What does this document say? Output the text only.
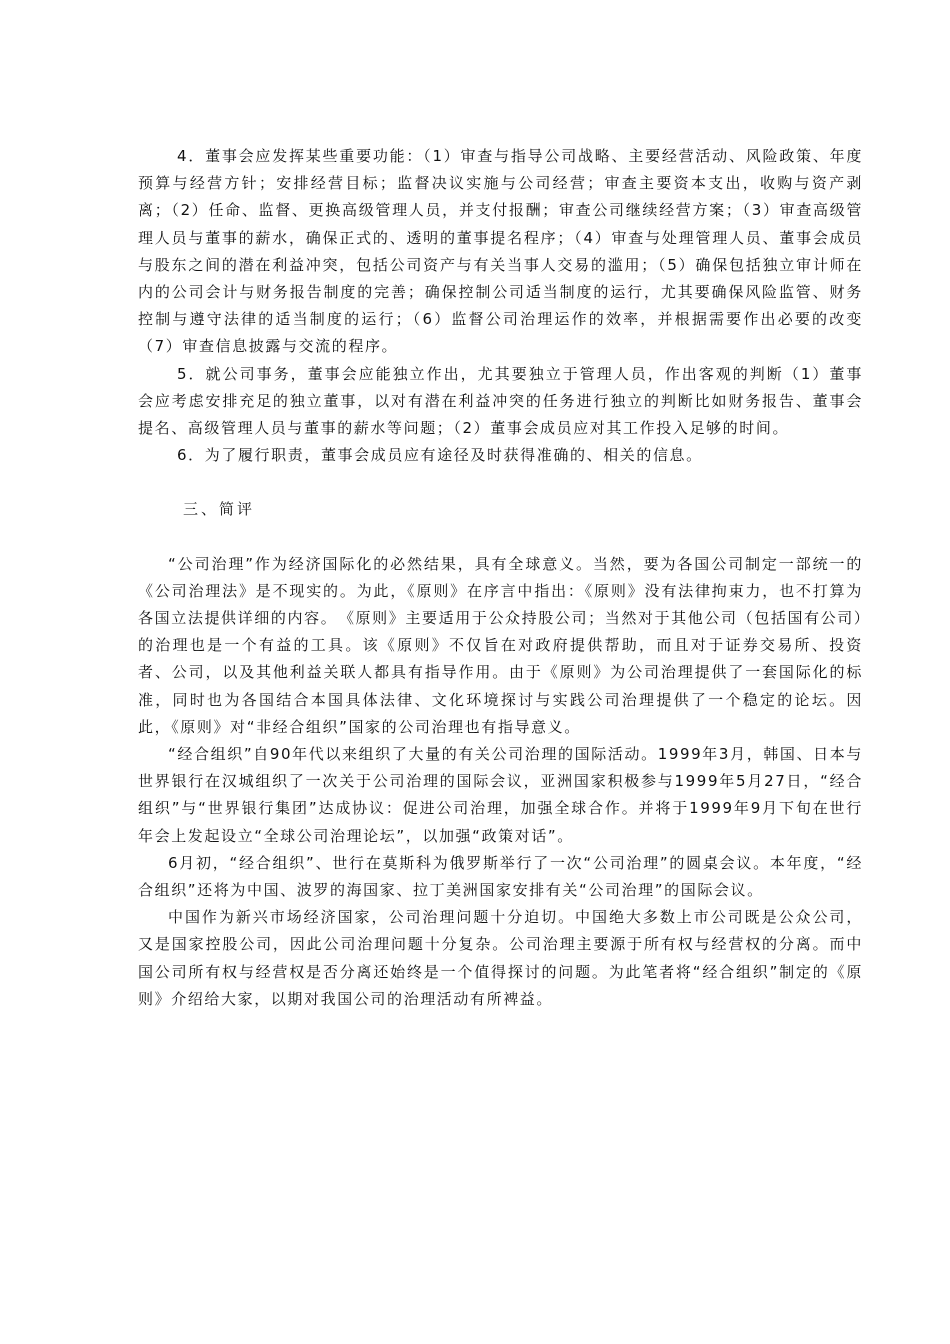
4．董事会应发挥某些重要功能：（1）审查与指导公司战略、主要经营活动、风险政策、年度预算与经营方针；安排经营目标；监督决议实施与公司经营；审查主要资本支出，收购与资产剥离；（2）任命、监督、更换高级管理人员，并支付报酬；审查公司继续经营方案；（3）审查高级管理人员与董事的薪水，确保正式的、透明的董事提名程序；（4）审查与处理管理人员、董事会成员与股东之间的潜在利益冲突，包括公司资产与有关当事人交易的滥用；（5）确保包括独立审计师在内的公司会计与财务报告制度的完善；确保控制公司适当制度的运行，尤其要确保风险监管、财务控制与遵守法律的适当制度的运行；（6）监督公司治理运作的效率，并根据需要作出必要的改变（7）审查信息披露与交流的程序。

5．就公司事务，董事会应能独立作出，尤其要独立于管理人员，作出客观的判断（1）董事会应考虑安排充足的独立董事，以对有潜在利益冲突的任务进行独立的判断比如财务报告、董事会提名、高级管理人员与董事的薪水等问题；（2）董事会成员应对其工作投入足够的时间。

6．为了履行职责，董事会成员应有途径及时获得准确的、相关的信息。

三、简评

“公司治理”作为经济国际化的必然结果，具有全球意义。当然，要为各国公司制定一部统一的《公司治理法》是不现实的。为此，《原则》在序言中指出：《原则》没有法律拘束力，也不打算为各国立法提供详细的内容。　《原则》主要适用于公众持股公司；当然对于其他公司（包括国有公司）的治理也是一个有益的工具。该《原则》不仅旨在对政府提供帮助，而且对于证券交易所、投资者、公司，以及其他利益关联人都具有指导作用。由于《原则》为公司治理提供了一套国际化的标准，同时也为各国结合本国具体法律、文化环境探讨与实践公司治理提供了一个稳定的论坛。因此，《原则》对“非经合组织”国家的公司治理也有指导意义。

“经合组织”自90年代以来组织了大量的有关公司治理的国际活动。1999年3月，韩国、日本与世界银行在汉城组织了一次关于公司治理的国际会议，亚洲国家积极参与1999年5月27日，“经合组织”与“世界银行集团”达成协议：促进公司治理，加强全球合作。并将于1999年9月下旬在世行年会上发起设立“全球公司治理论坛”，以加强“政策对话”。

6月初，“经合组织”、世行在莫斯科为俄罗斯举行了一次“公司治理”的圆桌会议。本年度，“经合组织”还将为中国、波罗的海国家、拉丁美洲国家安排有关“公司治理”的国际会议。

中国作为新兴市场经济国家，公司治理问题十分迫切。中国绝大多数上市公司既是公众公司，又是国家控股公司，因此公司治理问题十分复杂。公司治理主要源于所有权与经营权的分离。而中国公司所有权与经营权是否分离还始终是一个值得探讨的问题。为此笔者将“经合组织”制定的《原则》介绍给大家，以期对我国公司的治理活动有所裨益。
